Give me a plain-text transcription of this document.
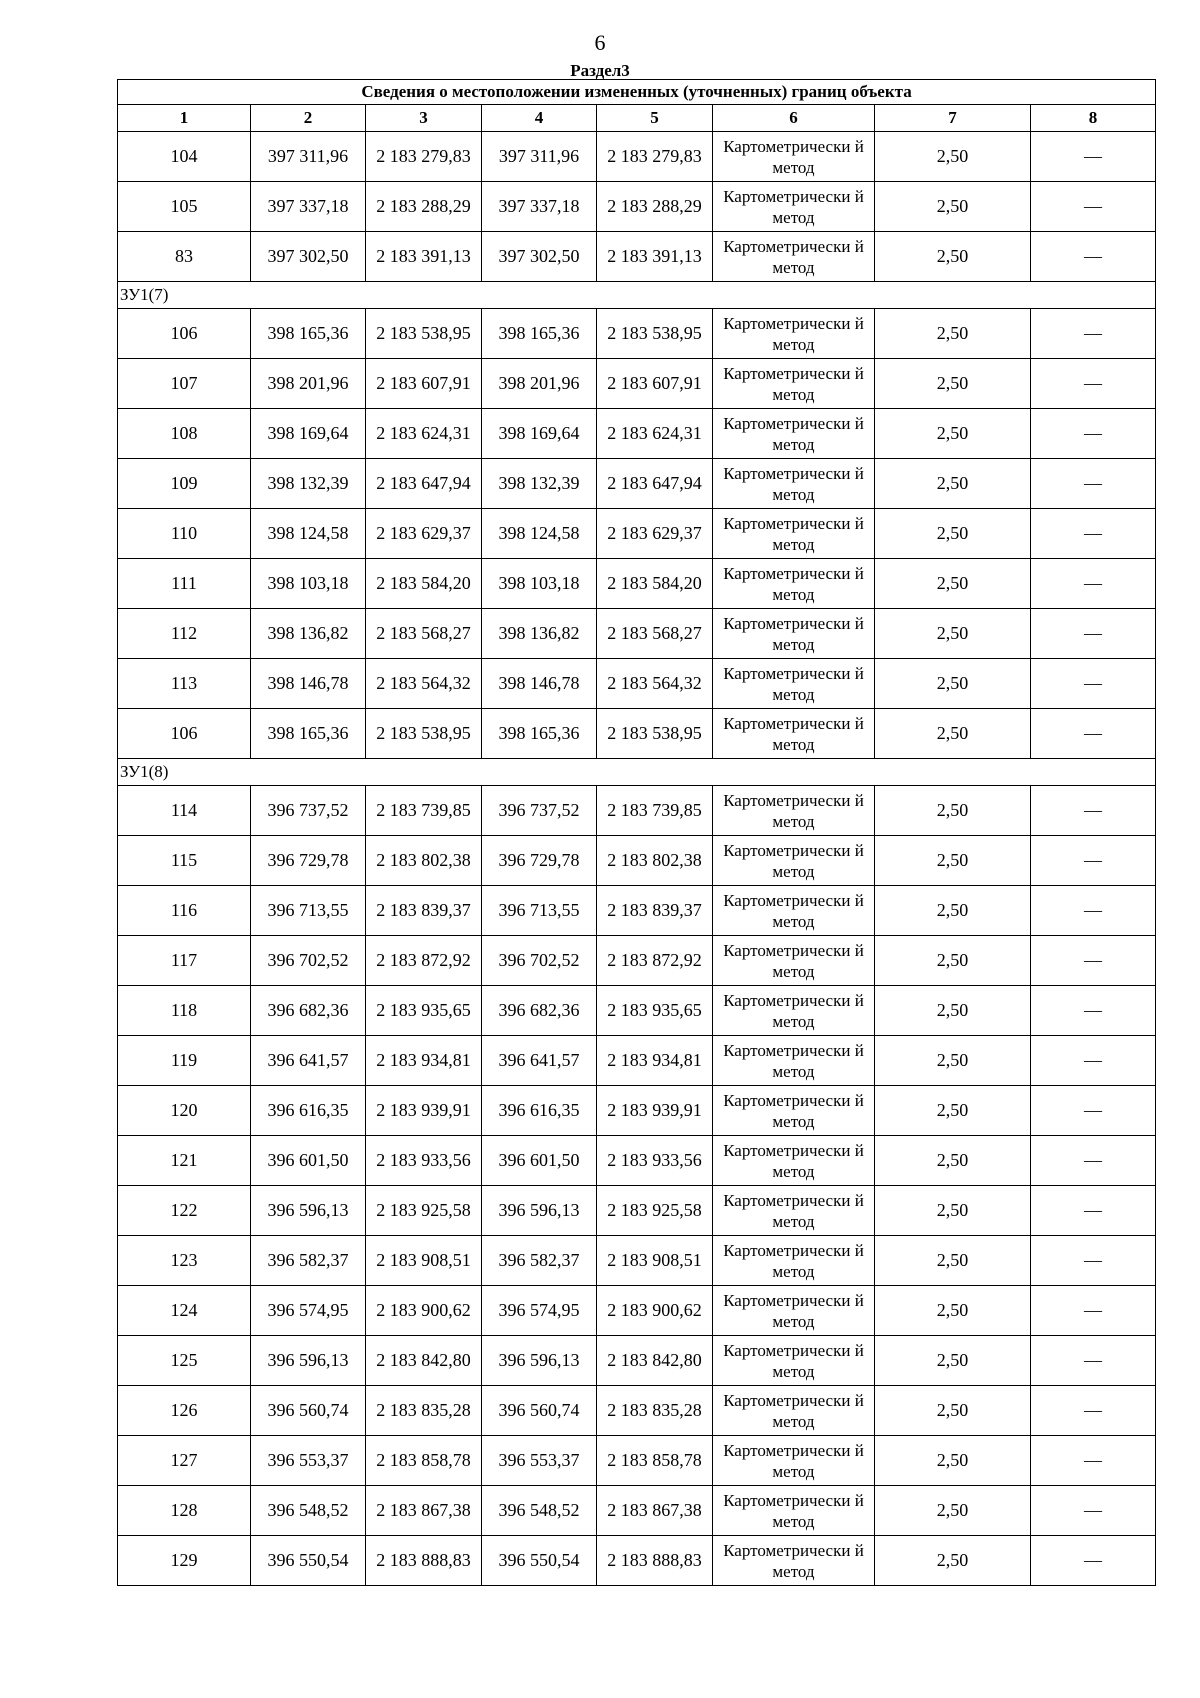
6
Раздел3
Сведения о местоположении измененных (уточненных) границ объекта							
1	2	3	4	5	6	7	8
104	397 311,96	2 183 279,83	397 311,96	2 183 279,83	Картометрически й метод	2,50	—
105	397 337,18	2 183 288,29	397 337,18	2 183 288,29	Картометрически й метод	2,50	—
83	397 302,50	2 183 391,13	397 302,50	2 183 391,13	Картометрически й метод	2,50	—
ЗУ1(7)							
106	398 165,36	2 183 538,95	398 165,36	2 183 538,95	Картометрически й метод	2,50	—
107	398 201,96	2 183 607,91	398 201,96	2 183 607,91	Картометрически й метод	2,50	—
108	398 169,64	2 183 624,31	398 169,64	2 183 624,31	Картометрически й метод	2,50	—
109	398 132,39	2 183 647,94	398 132,39	2 183 647,94	Картометрически й метод	2,50	—
110	398 124,58	2 183 629,37	398 124,58	2 183 629,37	Картометрически й метод	2,50	—
111	398 103,18	2 183 584,20	398 103,18	2 183 584,20	Картометрически й метод	2,50	—
112	398 136,82	2 183 568,27	398 136,82	2 183 568,27	Картометрически й метод	2,50	—
113	398 146,78	2 183 564,32	398 146,78	2 183 564,32	Картометрически й метод	2,50	—
106	398 165,36	2 183 538,95	398 165,36	2 183 538,95	Картометрически й метод	2,50	—
ЗУ1(8)							
114	396 737,52	2 183 739,85	396 737,52	2 183 739,85	Картометрически й метод	2,50	—
115	396 729,78	2 183 802,38	396 729,78	2 183 802,38	Картометрически й метод	2,50	—
116	396 713,55	2 183 839,37	396 713,55	2 183 839,37	Картометрически й метод	2,50	—
117	396 702,52	2 183 872,92	396 702,52	2 183 872,92	Картометрически й метод	2,50	—
118	396 682,36	2 183 935,65	396 682,36	2 183 935,65	Картометрически й метод	2,50	—
119	396 641,57	2 183 934,81	396 641,57	2 183 934,81	Картометрически й метод	2,50	—
120	396 616,35	2 183 939,91	396 616,35	2 183 939,91	Картометрически й метод	2,50	—
121	396 601,50	2 183 933,56	396 601,50	2 183 933,56	Картометрически й метод	2,50	—
122	396 596,13	2 183 925,58	396 596,13	2 183 925,58	Картометрически й метод	2,50	—
123	396 582,37	2 183 908,51	396 582,37	2 183 908,51	Картометрически й метод	2,50	—
124	396 574,95	2 183 900,62	396 574,95	2 183 900,62	Картометрически й метод	2,50	—
125	396 596,13	2 183 842,80	396 596,13	2 183 842,80	Картометрически й метод	2,50	—
126	396 560,74	2 183 835,28	396 560,74	2 183 835,28	Картометрически й метод	2,50	—
127	396 553,37	2 183 858,78	396 553,37	2 183 858,78	Картометрически й метод	2,50	—
128	396 548,52	2 183 867,38	396 548,52	2 183 867,38	Картометрически й метод	2,50	—
129	396 550,54	2 183 888,83	396 550,54	2 183 888,83	Картометрически й метод	2,50	—
